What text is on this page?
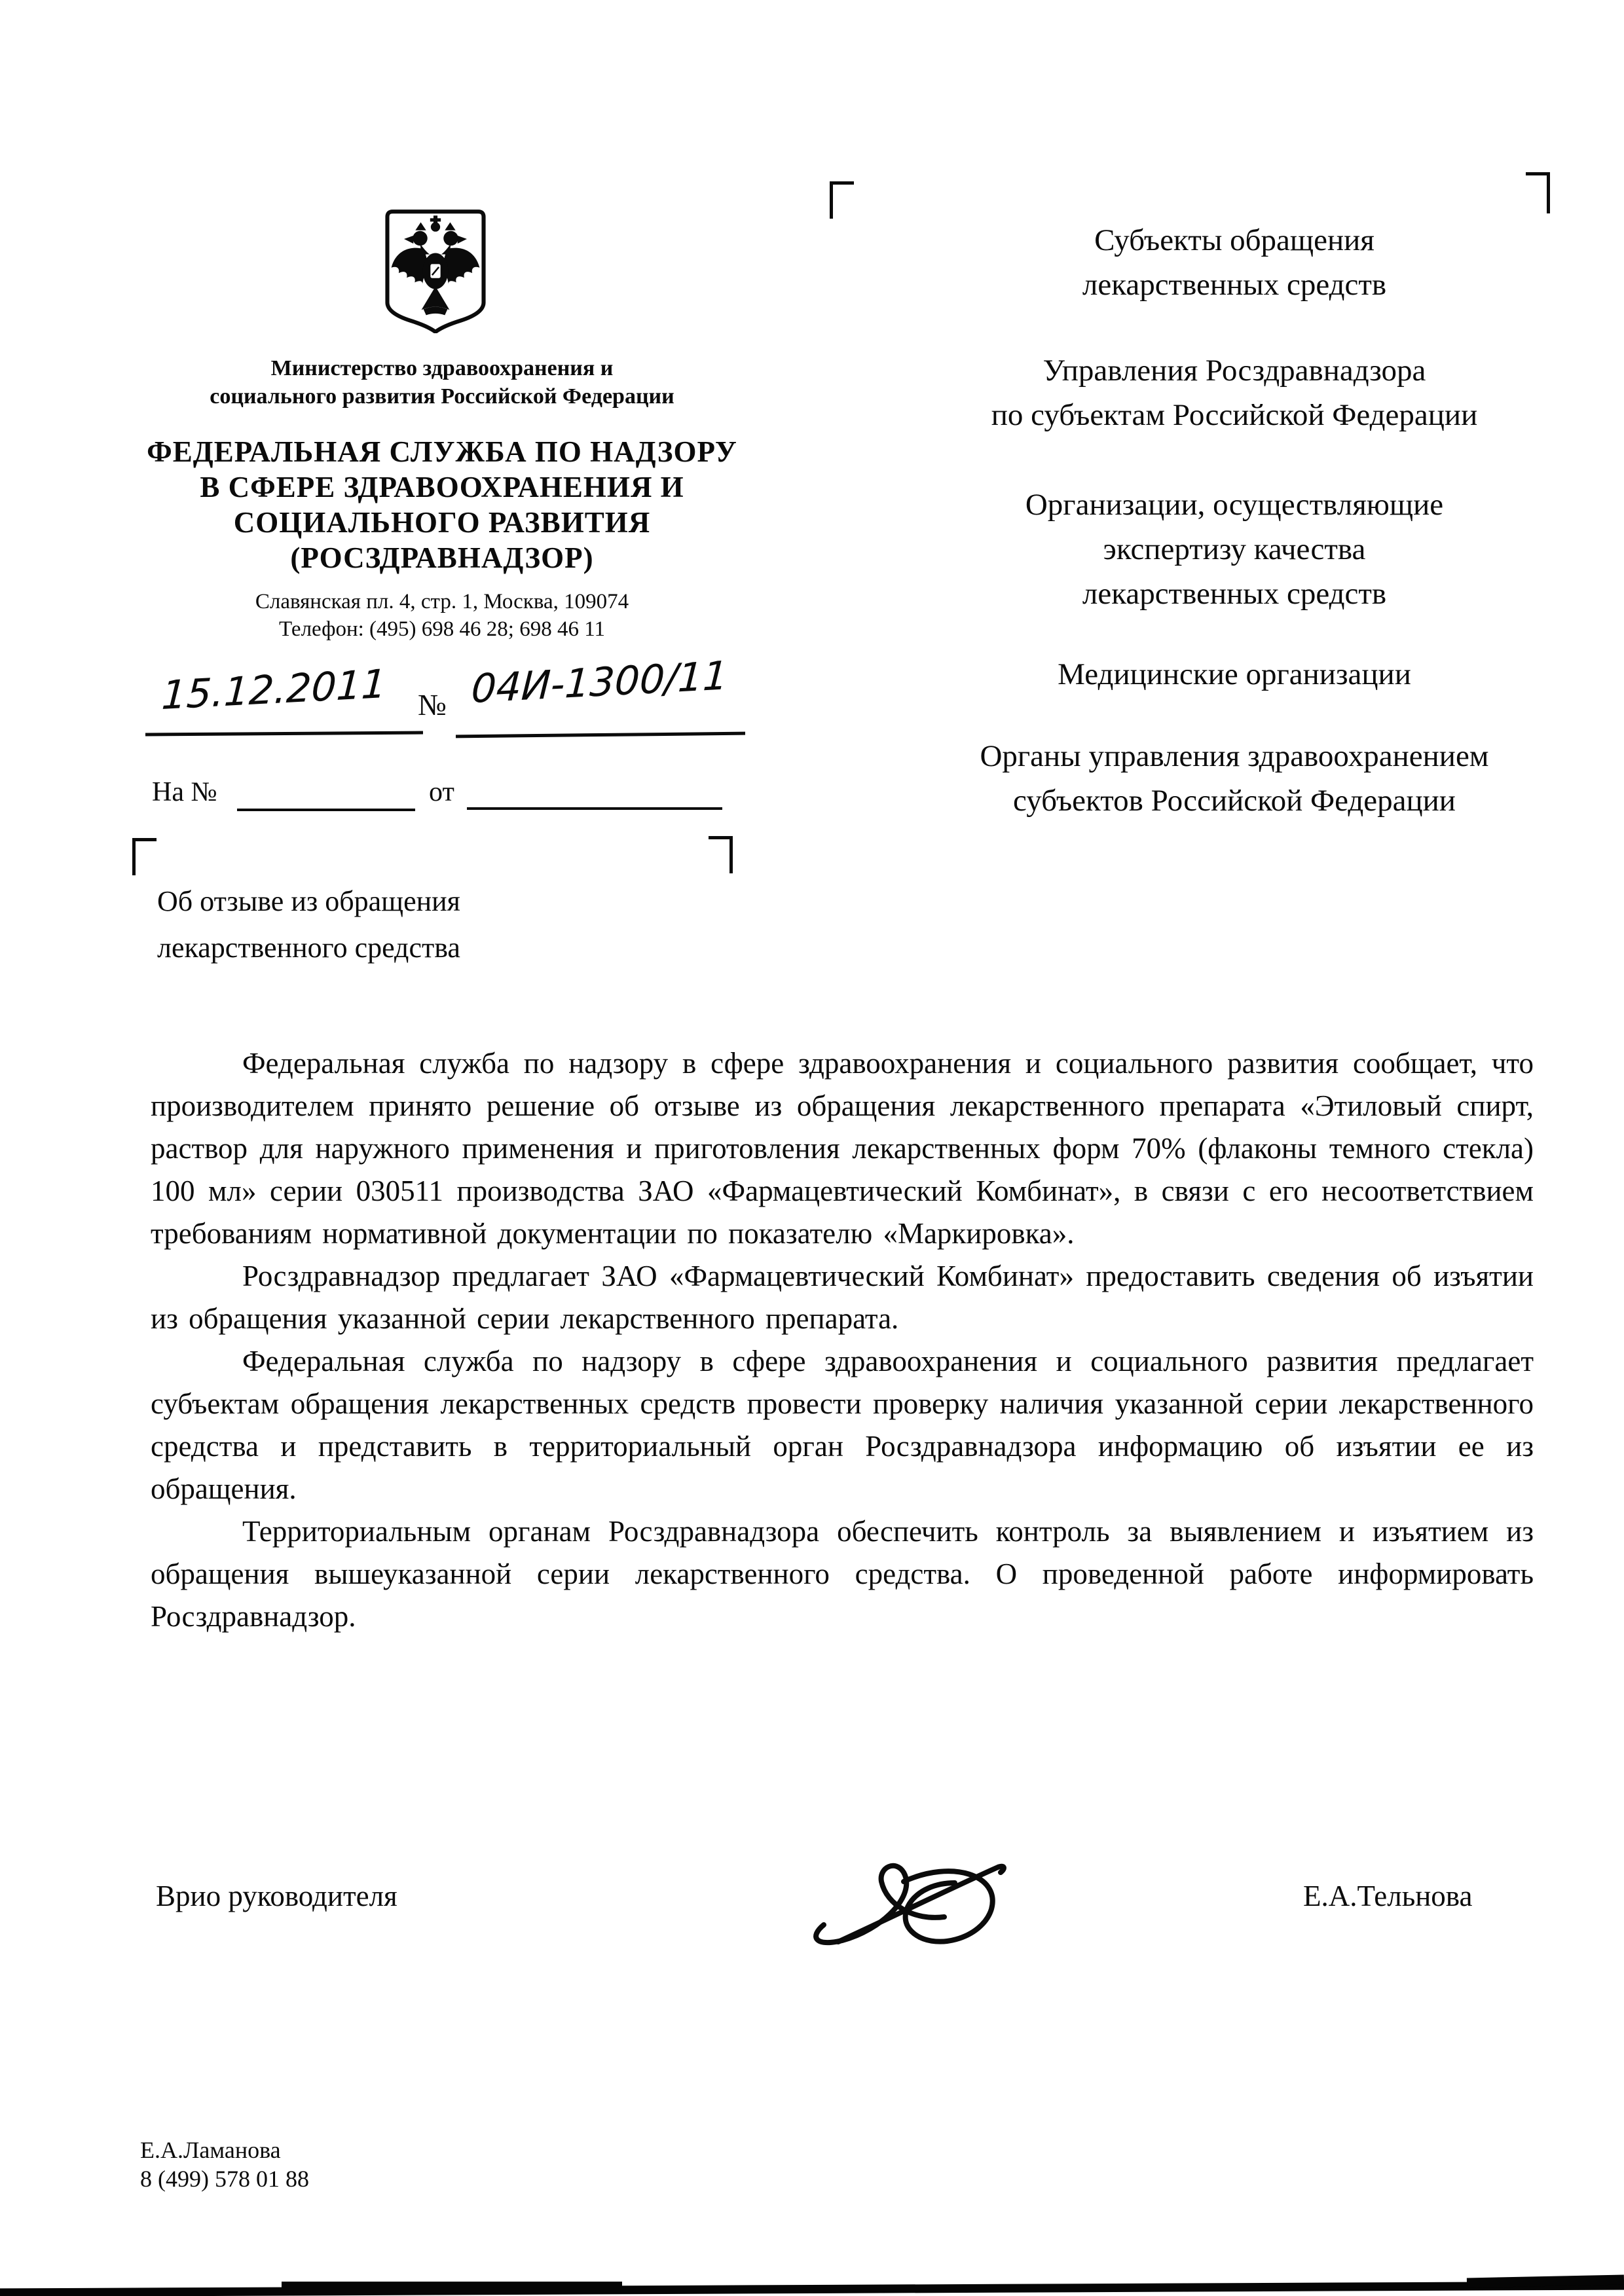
Министерство здравоохранения и
социального развития Российской Федерации
ФЕДЕРАЛЬНАЯ СЛУЖБА ПО НАДЗОРУ
В СФЕРЕ ЗДРАВООХРАНЕНИЯ И
СОЦИАЛЬНОГО РАЗВИТИЯ
(РОСЗДРАВНАДЗОР)
Славянская пл. 4, стр. 1, Москва, 109074
Телефон: (495) 698 46 28; 698 46 11
15.12.2011 № 04И-1300/11
На №	от
Об отзыве из обращения
лекарственного средства
Субъекты обращения
лекарственных средств
Управления Росздравнадзора
по субъектам Российской Федерации
Организации, осуществляющие
экспертизу качества
лекарственных средств
Медицинские организации
Органы управления здравоохранением
субъектов Российской Федерации

Федеральная служба по надзору в сфере здравоохранения и социального развития сообщает, что производителем принято решение об отзыве из обращения лекарственного препарата «Этиловый спирт, раствор для наружного применения и приготовления лекарственных форм 70% (флаконы темного стекла) 100 мл» серии 030511 производства ЗАО «Фармацевтический Комбинат», в связи с его несоответствием требованиям нормативной документации по показателю «Маркировка».

Росздравнадзор предлагает ЗАО «Фармацевтический Комбинат» предоставить сведения об изъятии из обращения указанной серии лекарственного препарата.

Федеральная служба по надзору в сфере здравоохранения и социального развития предлагает субъектам обращения лекарственных средств провести проверку наличия указанной серии лекарственного средства и представить в территориальный орган Росздравнадзора информацию об изъятии ее из обращения.

Территориальным органам Росздравнадзора обеспечить контроль за выявлением и изъятием из обращения вышеуказанной серии лекарственного средства. О проведенной работе информировать Росздравнадзор.

Врио руководителя	Е.А.Тельнова
Е.А.Ламанова
8 (499) 578 01 88
